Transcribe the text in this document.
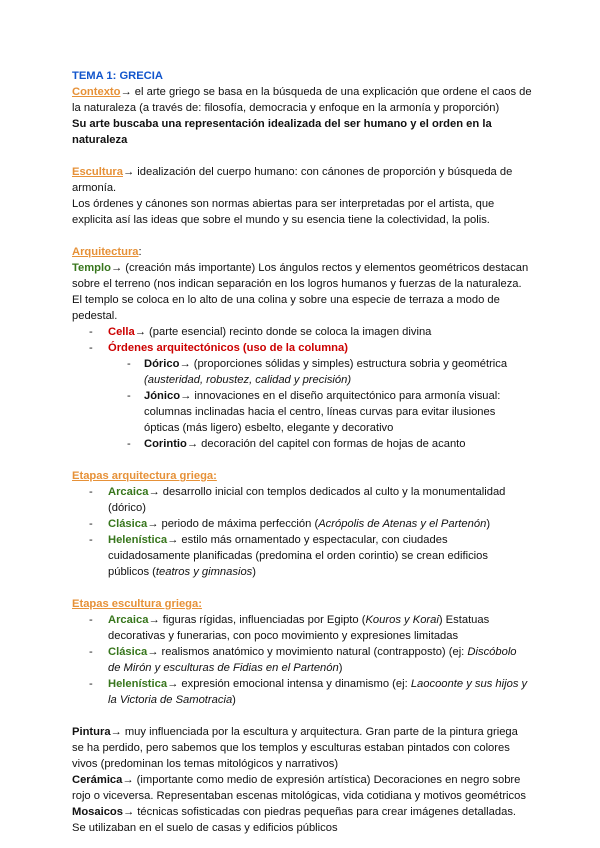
TEMA 1: GRECIA

Contexto→ el arte griego se basa en la búsqueda de una explicación que ordene el caos de la naturaleza (a través de: filosofía, democracia y enfoque en la armonía y proporción)

Su arte buscaba una representación idealizada del ser humano y el orden en la naturaleza

Escultura→ idealización del cuerpo humano: con cánones de proporción y búsqueda de armonía.

Los órdenes y cánones son normas abiertas para ser interpretadas por el artista, que explicita así las ideas que sobre el mundo y su esencia tiene la colectividad, la polis.

Arquitectura:

Templo→ (creación más importante) Los ángulos rectos y elementos geométricos destacan sobre el terreno (nos indican separación en los logros humanos y fuerzas de la naturaleza. El templo se coloca en lo alto de una colina y sobre una especie de terraza a modo de pedestal.

- Cella→ (parte esencial) recinto donde se coloca la imagen divina
- Órdenes arquitectónicos (uso de la columna)
- Dórico→ (proporciones sólidas y simples) estructura sobria y geométrica (austeridad, robustez, calidad y precisión)
- Jónico→ innovaciones en el diseño arquitectónico para armonía visual: columnas inclinadas hacia el centro, líneas curvas para evitar ilusiones ópticas (más ligero) esbelto, elegante y decorativo
- Corintio→ decoración del capitel con formas de hojas de acanto

Etapas arquitectura griega:

- Arcaica→ desarrollo inicial con templos dedicados al culto y la monumentalidad (dórico)
- Clásica→ periodo de máxima perfección (Acrópolis de Atenas y el Partenón)
- Helenística→ estilo más ornamentado y espectacular, con ciudades cuidadosamente planificadas (predomina el orden corintio) se crean edificios públicos (teatros y gimnasios)

Etapas escultura griega:

- Arcaica→ figuras rígidas, influenciadas por Egipto (Kouros y Korai) Estatuas decorativas y funerarias, con poco movimiento y expresiones limitadas
- Clásica→ realismos anatómico y movimiento natural (contrapposto) (ej: Discóbolo de Mirón y esculturas de Fidias en el Partenón)
- Helenística→ expresión emocional intensa y dinamismo (ej: Laocoonte y sus hijos y la Victoria de Samotracia)

Pintura→ muy influenciada por la escultura y arquitectura. Gran parte de la pintura griega se ha perdido, pero sabemos que los templos y esculturas estaban pintados con colores vivos (predominan los temas mitológicos y narrativos)

Cerámica→ (importante como medio de expresión artística) Decoraciones en negro sobre rojo o viceversa. Representaban escenas mitológicas, vida cotidiana y motivos geométricos

Mosaicos→ técnicas sofisticadas con piedras pequeñas para crear imágenes detalladas. Se utilizaban en el suelo de casas y edificios públicos
